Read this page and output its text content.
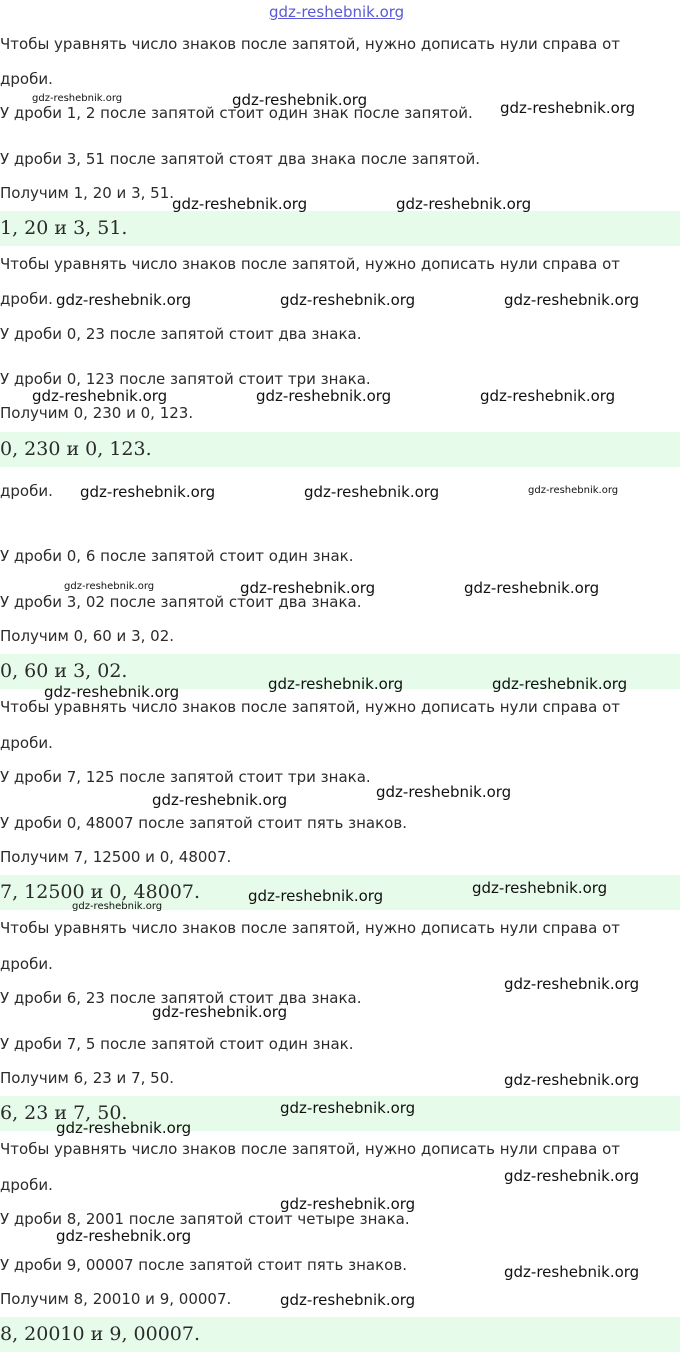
gdz-reshebnik.org

Чтобы уравнять число знаков после запятой, нужно дописать нули справа от

дроби.

У дроби 1, 2 после запятой стоит один знак после запятой.

У дроби 3, 51 после запятой стоят два знака после запятой.

Получим 1, 20 и 3, 51.

1, 20 и 3, 51.

Чтобы уравнять число знаков после запятой, нужно дописать нули справа от

дроби.

У дроби 0, 23 после запятой стоит два знака.

У дроби 0, 123 после запятой стоит три знака.

Получим 0, 230 и 0, 123.

0, 230 и 0, 123.

дроби.

У дроби 0, 6 после запятой стоит один знак.

У дроби 3, 02 после запятой стоит два знака.

Получим 0, 60 и 3, 02.

0, 60 и 3, 02.

Чтобы уравнять число знаков после запятой, нужно дописать нули справа от

дроби.

У дроби 7, 125 после запятой стоит три знака.

У дроби 0, 48007 после запятой стоит пять знаков.

Получим 7, 12500 и 0, 48007.

7, 12500 и 0, 48007.

Чтобы уравнять число знаков после запятой, нужно дописать нули справа от

дроби.

У дроби 6, 23 после запятой стоит два знака.

У дроби 7, 5 после запятой стоит один знак.

Получим 6, 23 и 7, 50.

6, 23 и 7, 50.

Чтобы уравнять число знаков после запятой, нужно дописать нули справа от

дроби.

У дроби 8, 2001 после запятой стоит четыре знака.

У дроби 9, 00007 после запятой стоит пять знаков.

Получим 8, 20010 и 9, 00007.

8, 20010 и 9, 00007.
gdz-reshebnik.org	gdz-reshebnik.org	gdz-reshebnik.org
gdz-reshebnik.org	gdz-reshebnik.org
gdz-reshebnik.org	gdz-reshebnik.org	gdz-reshebnik.org
gdz-reshebnik.org	gdz-reshebnik.org	gdz-reshebnik.org
gdz-reshebnik.org	gdz-reshebnik.org	gdz-reshebnik.org
gdz-reshebnik.org	gdz-reshebnik.org	gdz-reshebnik.org
gdz-reshebnik.org	gdz-reshebnik.org	gdz-reshebnik.org
gdz-reshebnik.org	gdz-reshebnik.org
gdz-reshebnik.org	gdz-reshebnik.org
gdz-reshebnik.org
gdz-reshebnik.org
gdz-reshebnik.org
gdz-reshebnik.org
gdz-reshebnik.org
gdz-reshebnik.org
gdz-reshebnik.org
gdz-reshebnik.org
gdz-reshebnik.org
gdz-reshebnik.org
gdz-reshebnik.org
